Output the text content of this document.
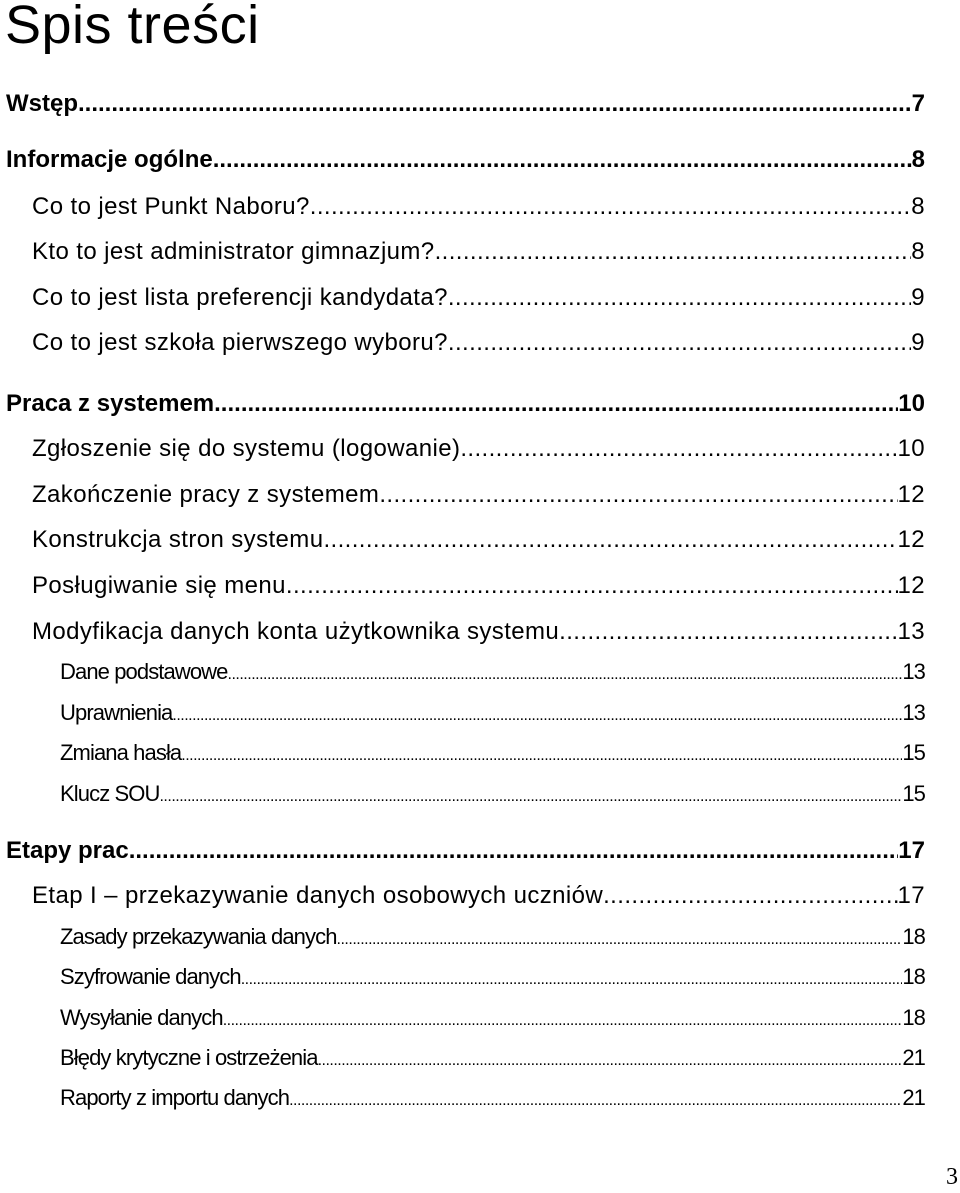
Spis treści
Wstęp .....	7
Informacje ogólne .....	8
Co to jest Punkt Naboru? .....	8
Kto to jest administrator gimnazjum? .....	8
Co to jest lista preferencji kandydata? .....	9
Co to jest szkoła pierwszego wyboru? .....	9
Praca z systemem .....	10
Zgłoszenie się do systemu (logowanie) .....	10
Zakończenie pracy z systemem .....	12
Konstrukcja stron systemu .....	12
Posługiwanie się menu .....	12
Modyfikacja danych konta użytkownika systemu .....	13
Dane podstawowe .....	13
Uprawnienia .....	13
Zmiana hasła .....	15
Klucz SOU .....	15
Etapy prac .....	17
Etap I – przekazywanie danych osobowych uczniów .....	17
Zasady przekazywania danych .....	18
Szyfrowanie danych .....	18
Wysyłanie danych .....	18
Błędy krytyczne i ostrzeżenia .....	21
Raporty z importu danych .....	21
3
